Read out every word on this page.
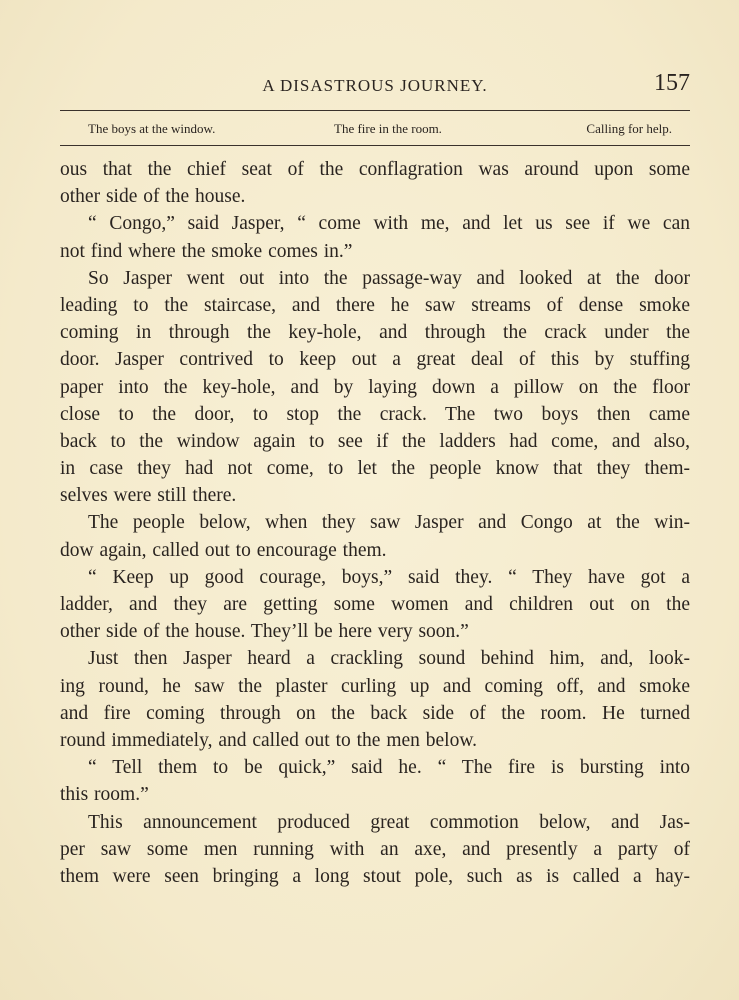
A DISASTROUS JOURNEY.	157
The boys at the window.	The fire in the room.	Calling for help.
ous that the chief seat of the conflagration was around upon some
other side of the house.
“ Congo,” said Jasper, “ come with me, and let us see if we can
not find where the smoke comes in.”
So Jasper went out into the passage-way and looked at the door
leading to the staircase, and there he saw streams of dense smoke
coming in through the key-hole, and through the crack under the
door. Jasper contrived to keep out a great deal of this by stuffing
paper into the key-hole, and by laying down a pillow on the floor
close to the door, to stop the crack. The two boys then came
back to the window again to see if the ladders had come, and also,
in case they had not come, to let the people know that they them-
selves were still there.
The people below, when they saw Jasper and Congo at the win-
dow again, called out to encourage them.
“ Keep up good courage, boys,” said they. “ They have got a
ladder, and they are getting some women and children out on the
other side of the house. They’ll be here very soon.”
Just then Jasper heard a crackling sound behind him, and, look-
ing round, he saw the plaster curling up and coming off, and smoke
and fire coming through on the back side of the room. He turned
round immediately, and called out to the men below.
“ Tell them to be quick,” said he. “ The fire is bursting into
this room.”
This announcement produced great commotion below, and Jas-
per saw some men running with an axe, and presently a party of
them were seen bringing a long stout pole, such as is called a hay-
